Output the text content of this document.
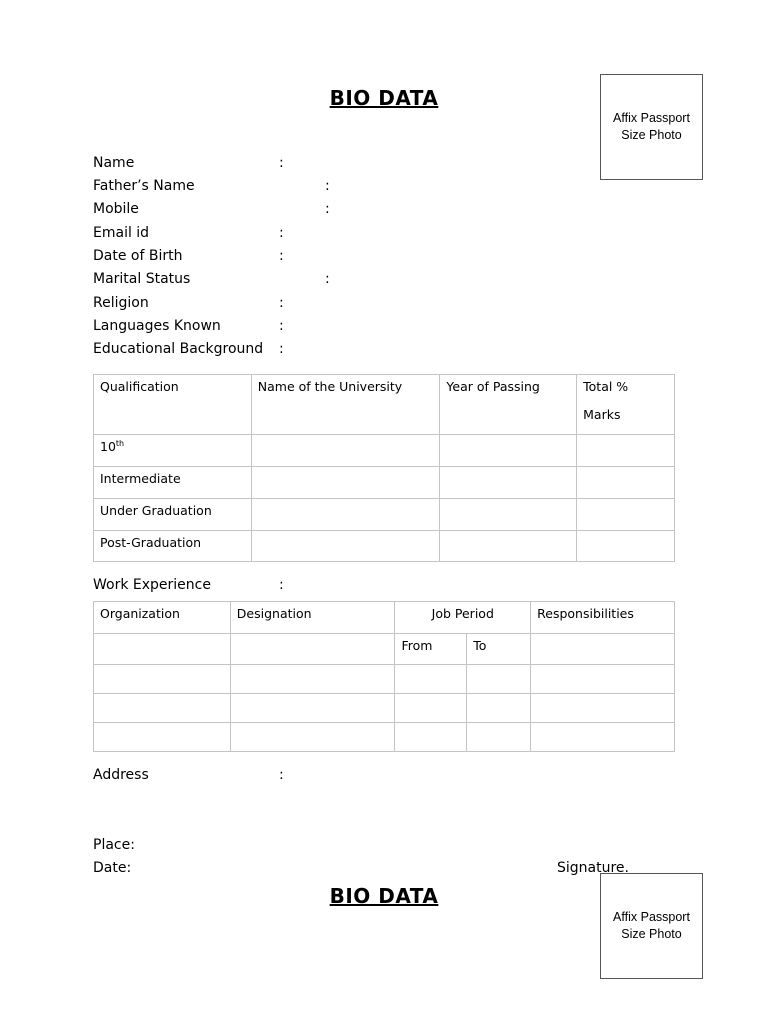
BIO DATA
Affix Passport
Size Photo
Name	:
Father’s Name	:
Mobile	:
Email id	:
Date of Birth	:
Marital Status	:
Religion	:
Languages Known	:
Educational Background :
Qualification	Name of the University	Year of Passing	Total %
Marks

10th			
Intermediate			
Under Graduation			
Post-Graduation			
Work Experience	:
Organization	Designation	Job Period		Responsibilities
		From	To	

Address	:
Place:
Date:	Signature.
BIO DATA
Affix Passport
Size Photo
